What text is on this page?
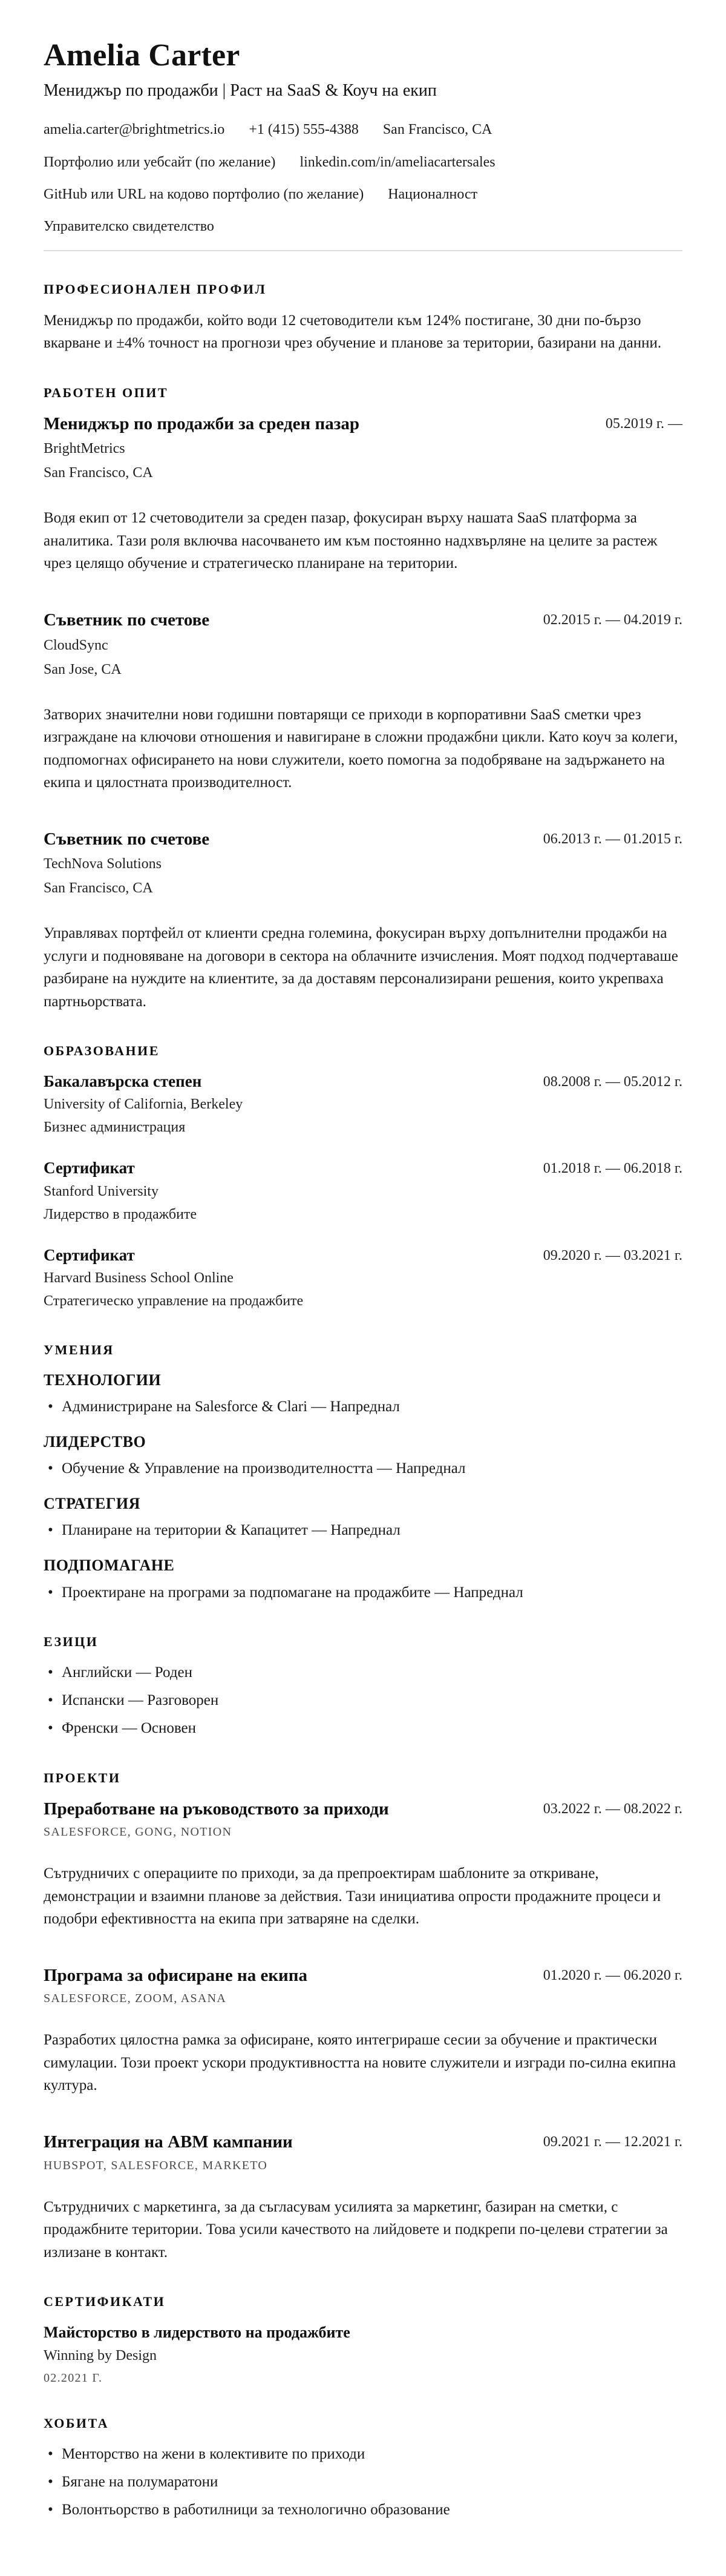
Amelia Carter

Мениджър по продажби | Раст на SaaS & Коуч на екип

amelia.carter@brightmetrics.io +1 (415) 555-4388 San Francisco, CA
Портфолио или уебсайт (по желание) linkedin.com/in/ameliacartersales
GitHub или URL на кодово портфолио (по желание) Националност
Управителско свидетелство
ПРОФЕСИОНАЛЕН ПРОФИЛ

Мениджър по продажби, който води 12 счетоводители към 124% постигане, 30 дни по-бързо вкарване и ±4% точност на прогнози чрез обучение и планове за територии, базирани на данни.

РАБОТЕН ОПИТ
Мениджър по продажби за среден пазар	05.2019 г. —
BrightMetrics
San Francisco, CA

Водя екип от 12 счетоводители за среден пазар, фокусиран върху нашата SaaS платформа за аналитика. Тази роля включва насочването им към постоянно надхвърляне на целите за растеж чрез целящо обучение и стратегическо планиране на територии.

Съветник по счетове	02.2015 г. — 04.2019 г.
CloudSync
San Jose, CA

Затворих значителни нови годишни повтарящи се приходи в корпоративни SaaS сметки чрез изграждане на ключови отношения и навигиране в сложни продажбни цикли. Като коуч за колеги, подпомогнах офисирането на нови служители, което помогна за подобряване на задържането на екипа и цялостната производителност.

Съветник по счетове	06.2013 г. — 01.2015 г.
TechNova Solutions
San Francisco, CA

Управлявах портфейл от клиенти средна големина, фокусиран върху допълнителни продажби на услуги и подновяване на договори в сектора на облачните изчисления. Моят подход подчертаваше разбиране на нуждите на клиентите, за да доставям персонализирани решения, които укрепваха партньорствата.

ОБРАЗОВАНИЕ
Бакалавърска степен	08.2008 г. — 05.2012 г.
University of California, Berkeley
Бизнес администрация
Сертификат	01.2018 г. — 06.2018 г.
Stanford University
Лидерство в продажбите
Сертификат	09.2020 г. — 03.2021 г.
Harvard Business School Online
Стратегическо управление на продажбите
УМЕНИЯ
ТЕХНОЛОГИИ
• Администриране на Salesforce & Clari — Напреднал
ЛИДЕРСТВО
• Обучение & Управление на производителността — Напреднал
СТРАТЕГИЯ
• Планиране на територии & Капацитет — Напреднал
ПОДПОМАГАНЕ
• Проектиране на програми за подпомагане на продажбите — Напреднал
ЕЗИЦИ
• Английски — Роден
• Испански — Разговорен
• Френски — Основен
ПРОЕКТИ
Преработване на ръководството за приходи	03.2022 г. — 08.2022 г.
SALESFORCE, GONG, NOTION

Сътрудничих с операциите по приходи, за да препроектирам шаблоните за откриване, демонстрации и взаимни планове за действия. Тази инициатива опрости продажните процеси и подобри ефективността на екипа при затваряне на сделки.

Програма за офисиране на екипа	01.2020 г. — 06.2020 г.
SALESFORCE, ZOOM, ASANA

Разработих цялостна рамка за офисиране, която интегрираше сесии за обучение и практически симулации. Този проект ускори продуктивността на новите служители и изгради по-силна екипна култура.

Интеграция на ABM кампании	09.2021 г. — 12.2021 г.
HUBSPOT, SALESFORCE, MARKETO

Сътрудничих с маркетинга, за да съгласувам усилията за маркетинг, базиран на сметки, с продажбните територии. Това усили качеството на лийдовете и подкрепи по-целеви стратегии за излизане в контакт.

СЕРТИФИКАТИ
Майсторство в лидерството на продажбите
Winning by Design
02.2021 Г.
ХОБИТА
• Менторство на жени в колективите по приходи
• Бягане на полумаратони
• Волонтьорство в работилници за технологично образование
